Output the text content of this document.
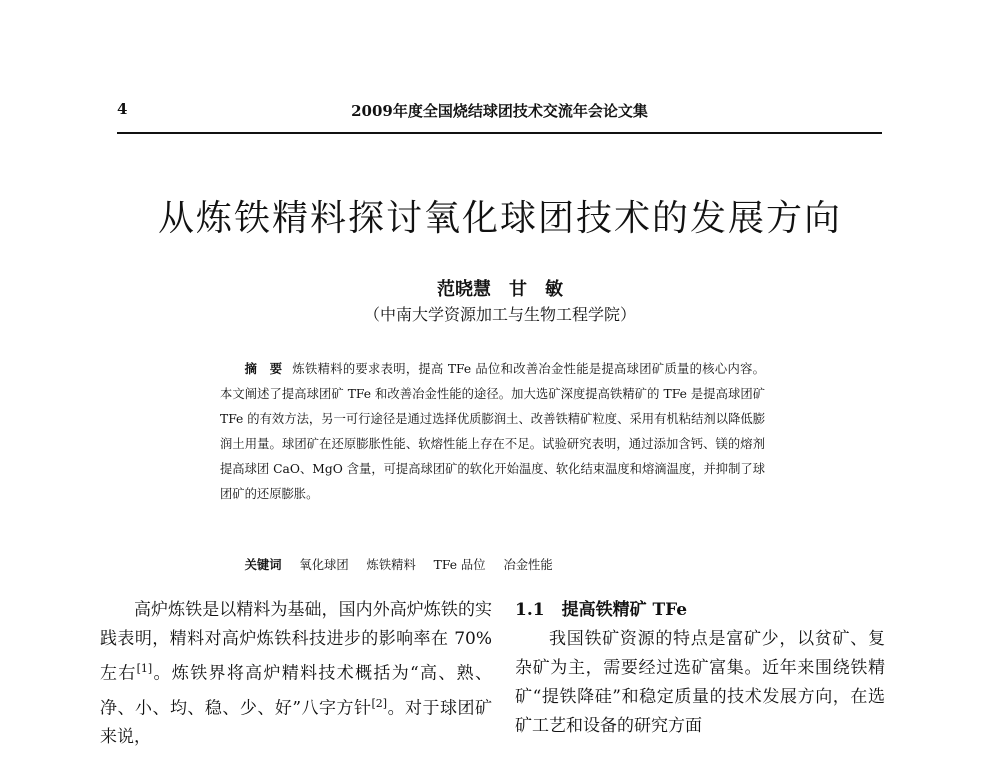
4	2009年度全国烧结球团技术交流年会论文集
从炼铁精料探讨氧化球团技术的发展方向
范晓慧　甘　敏
（中南大学资源加工与生物工程学院）
摘　要 炼铁精料的要求表明，提高 TFe 品位和改善冶金性能是提高球团矿质量的核心内容。本文阐述了提高球团矿 TFe 和改善冶金性能的途径。加大选矿深度提高铁精矿的 TFe 是提高球团矿 TFe 的有效方法，另一可行途径是通过选择优质膨润土、改善铁精矿粒度、采用有机粘结剂以降低膨润土用量。球团矿在还原膨胀性能、软熔性能上存在不足。试验研究表明，通过添加含钙、镁的熔剂提高球团 CaO、MgO 含量，可提高球团矿的软化开始温度、软化结束温度和熔滴温度，并抑制了球团矿的还原膨胀。
关键词 氧化球团 炼铁精料 TFe 品位 冶金性能

高炉炼铁是以精料为基础，国内外高炉炼铁的实践表明，精料对高炉炼铁科技进步的影响率在 70% 左右[1]。炼铁界将高炉精料技术概括为“高、熟、净、小、均、稳、少、好”八字方针[2]。对于球团矿来说，

1.1　提高铁精矿 TFe

我国铁矿资源的特点是富矿少，以贫矿、复杂矿为主，需要经过选矿富集。近年来围绕铁精矿“提铁降硅”和稳定质量的技术发展方向，在选矿工艺和设备的研究方面
